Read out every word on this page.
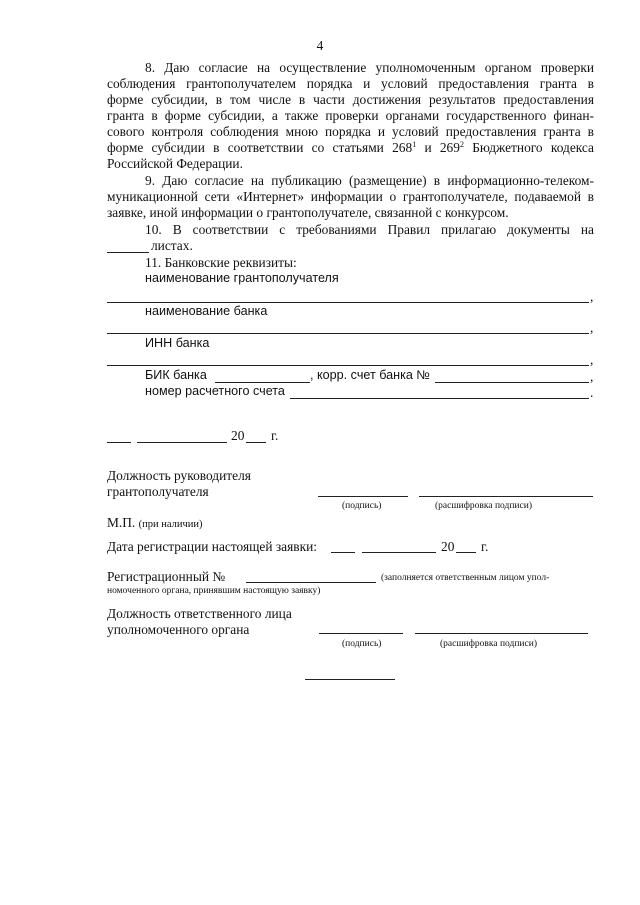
4
8. Даю согласие на осуществление уполномоченным органом проверки
соблюдения грантополучателем порядка и условий предоставления гранта в
форме субсидии, в том числе в части достижения результатов предоставления
гранта в форме субсидии, а также проверки органами государственного финан-
сового контроля соблюдения мною порядка и условий предоставления гранта в
форме субсидии в соответствии со статьями $268^1$ и $269^2$ Бюджетного кодекса
Российской Федерации.
9. Даю согласие на публикацию (размещение) в информационно-телеком-
муникационной сети «Интернет» информации о грантополучателе, подаваемой в
заявке, иной информации о грантополучателе, связанной с конкурсом.
10. В соответствии с требованиями Правил прилагаю документы на
листах.
11. Банковские реквизиты:
наименование грантополучателя
,
наименование банка
,
ИНН банка
,
БИК банка	, корр. счет банка №	,
номер расчетного счета	.
20 г.
Должность руководителя
грантополучателя
(подпись)	(расшифровка подписи)
М.П. (при наличии)
Дата регистрации настоящей заявки:	20 г.
Регистрационный №	(заполняется ответственным лицом упол-
номоченного органа, принявшим настоящую заявку)
Должность ответственного лица
уполномоченного органа
(подпись)	(расшифровка подписи)
